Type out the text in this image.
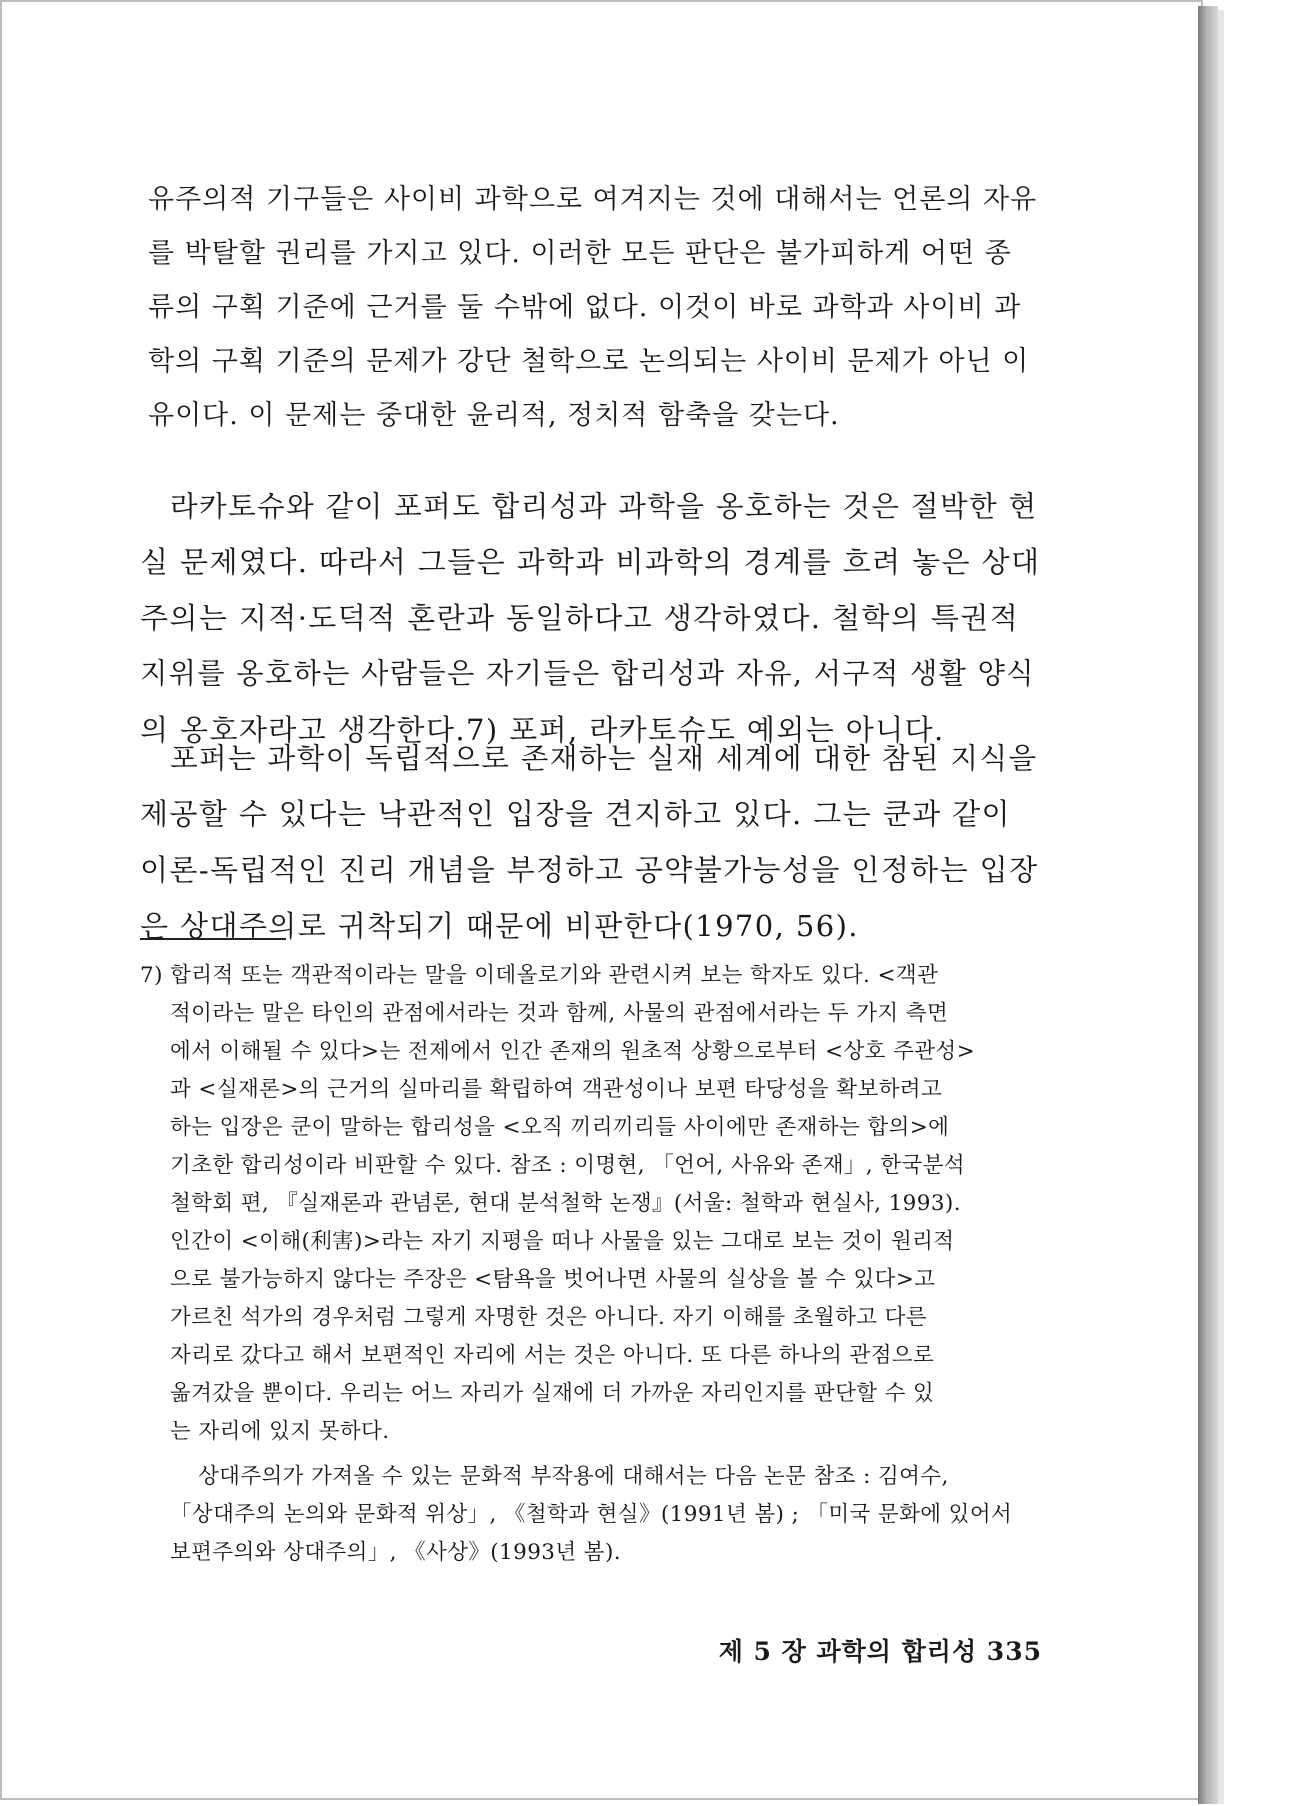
유주의적 기구들은 사이비 과학으로 여겨지는 것에 대해서는 언론의 자유
를 박탈할 권리를 가지고 있다. 이러한 모든 판단은 불가피하게 어떤 종
류의 구획 기준에 근거를 둘 수밖에 없다. 이것이 바로 과학과 사이비 과
학의 구획 기준의 문제가 강단 철학으로 논의되는 사이비 문제가 아닌 이
유이다. 이 문제는 중대한 윤리적, 정치적 함축을 갖는다.
라카토슈와 같이 포퍼도 합리성과 과학을 옹호하는 것은 절박한 현
실 문제였다. 따라서 그들은 과학과 비과학의 경계를 흐려 놓은 상대
주의는 지적·도덕적 혼란과 동일하다고 생각하였다. 철학의 특권적
지위를 옹호하는 사람들은 자기들은 합리성과 자유, 서구적 생활 양식
의 옹호자라고 생각한다.7) 포퍼, 라카토슈도 예외는 아니다.
포퍼는 과학이 독립적으로 존재하는 실재 세계에 대한 참된 지식을
제공할 수 있다는 낙관적인 입장을 견지하고 있다. 그는 쿤과 같이
이론-독립적인 진리 개념을 부정하고 공약불가능성을 인정하는 입장
은 상대주의로 귀착되기 때문에 비판한다(1970, 56).
7) 합리적 또는 객관적이라는 말을 이데올로기와 관련시켜 보는 학자도 있다. <객관
적이라는 말은 타인의 관점에서라는 것과 함께, 사물의 관점에서라는 두 가지 측면
에서 이해될 수 있다>는 전제에서 인간 존재의 원초적 상황으로부터 <상호 주관성>
과 <실재론>의 근거의 실마리를 확립하여 객관성이나 보편 타당성을 확보하려고
하는 입장은 쿤이 말하는 합리성을 <오직 끼리끼리들 사이에만 존재하는 합의>에
기초한 합리성이라 비판할 수 있다. 참조 : 이명현, 「언어, 사유와 존재」, 한국분석
철학회 편, 『실재론과 관념론, 현대 분석철학 논쟁』(서울: 철학과 현실사, 1993).
인간이 <이해(利害)>라는 자기 지평을 떠나 사물을 있는 그대로 보는 것이 원리적
으로 불가능하지 않다는 주장은 <탐욕을 벗어나면 사물의 실상을 볼 수 있다>고
가르친 석가의 경우처럼 그렇게 자명한 것은 아니다. 자기 이해를 초월하고 다른
자리로 갔다고 해서 보편적인 자리에 서는 것은 아니다. 또 다른 하나의 관점으로
옮겨갔을 뿐이다. 우리는 어느 자리가 실재에 더 가까운 자리인지를 판단할 수 있
는 자리에 있지 못하다.
상대주의가 가져올 수 있는 문화적 부작용에 대해서는 다음 논문 참조 : 김여수,
「상대주의 논의와 문화적 위상」, 《철학과 현실》(1991년 봄) ; 「미국 문화에 있어서
보편주의와 상대주의」, 《사상》(1993년 봄).
제 5 장 과학의 합리성 335
